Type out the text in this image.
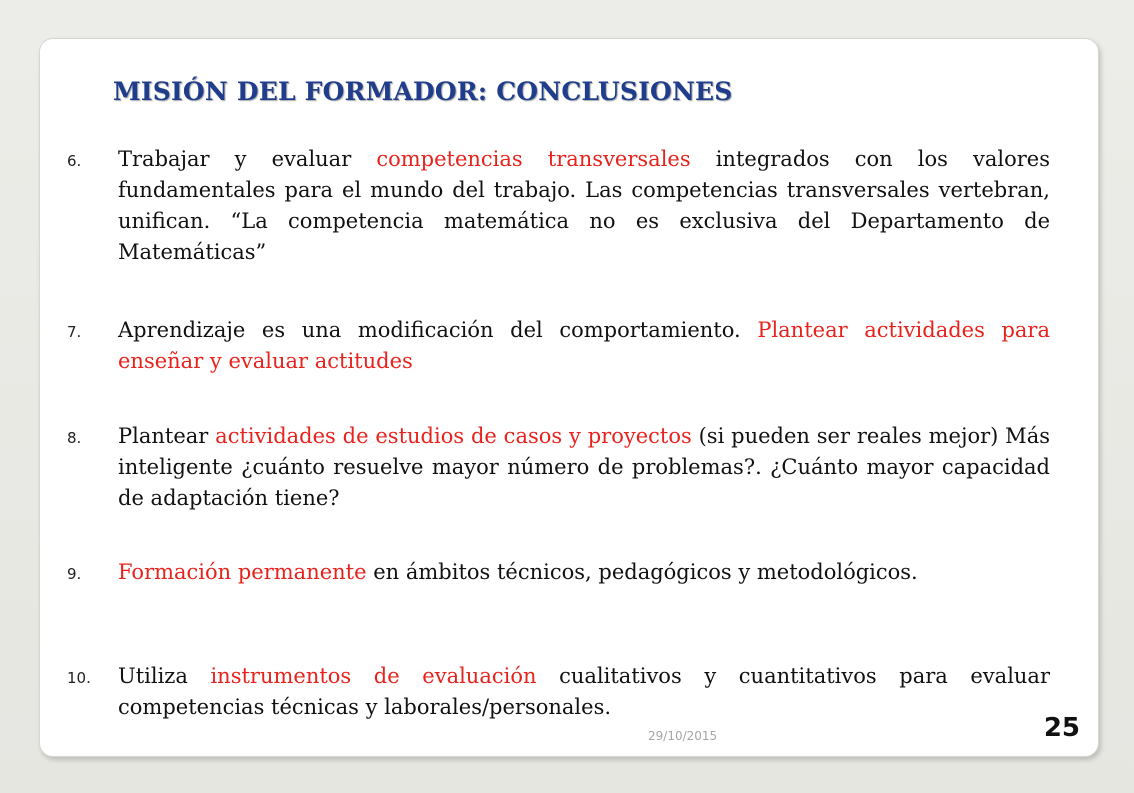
MISIÓN DEL FORMADOR: CONCLUSIONES
6. Trabajar y evaluar competencias transversales integrados con los valores fundamentales para el mundo del trabajo. Las competencias transversales vertebran, unifican. “La competencia matemática no es exclusiva del Departamento de Matemáticas”
7. Aprendizaje es una modificación del comportamiento. Plantear actividades para enseñar y evaluar actitudes
8. Plantear actividades de estudios de casos y proyectos (si pueden ser reales mejor) Más inteligente ¿cuánto resuelve mayor número de problemas?. ¿Cuánto mayor capacidad de adaptación tiene?
9. Formación permanente en ámbitos técnicos, pedagógicos y metodológicos.
10. Utiliza instrumentos de evaluación cualitativos y cuantitativos para evaluar competencias técnicas y laborales/personales.
29/10/2015	25
